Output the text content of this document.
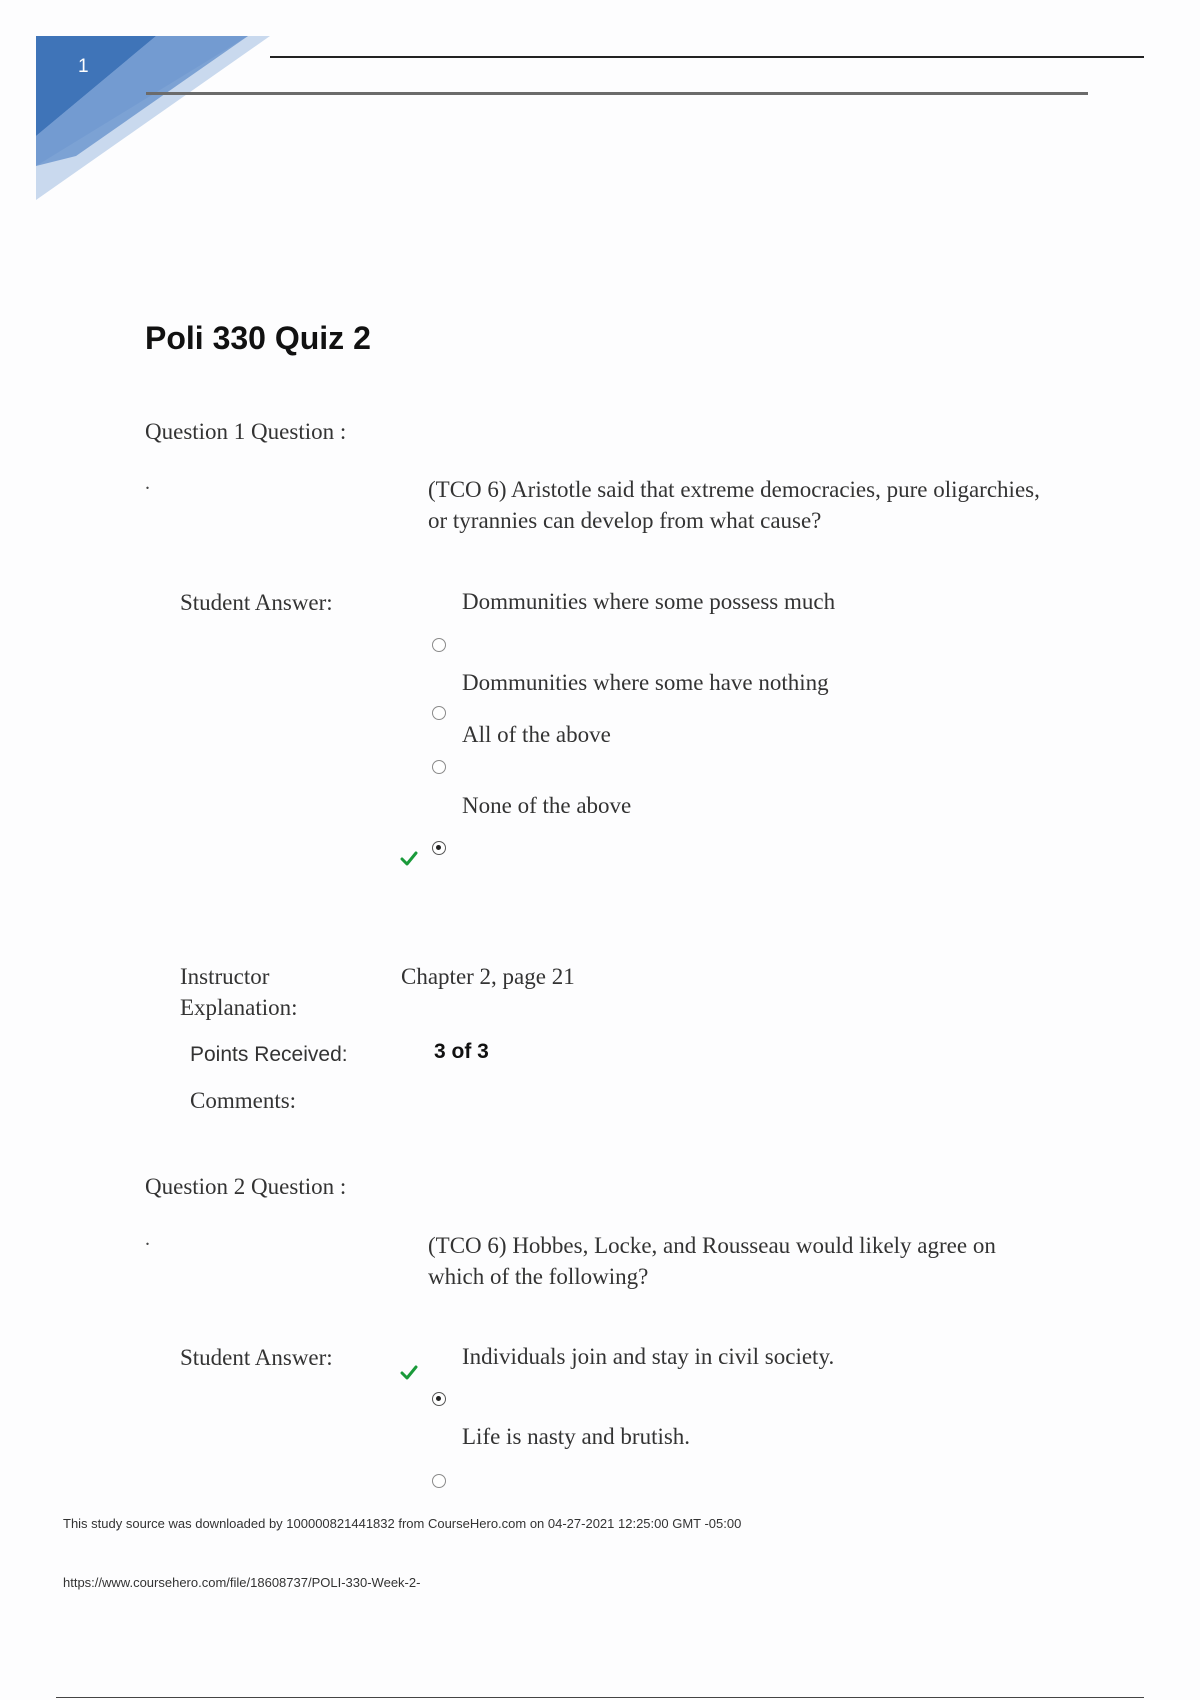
1
Poli 330 Quiz 2
Question 1 Question :
.	(TCO 6) Aristotle said that extreme democracies, pure oligarchies,
or tyrannies can develop from what cause?
Student Answer:	Dommunities where some possess much
Dommunities where some have nothing
All of the above
None of the above
Instructor
Explanation:
Chapter 2, page 21
Points Received:	3 of 3
Comments:
Question 2 Question :
.	(TCO 6) Hobbes, Locke, and Rousseau would likely agree on
which of the following?
Student Answer:	Individuals join and stay in civil society.
Life is nasty and brutish.
This study source was downloaded by 100000821441832 from CourseHero.com on 04-27-2021 12:25:00 GMT -05:00
https://www.coursehero.com/file/18608737/POLI-330-Week-2-
